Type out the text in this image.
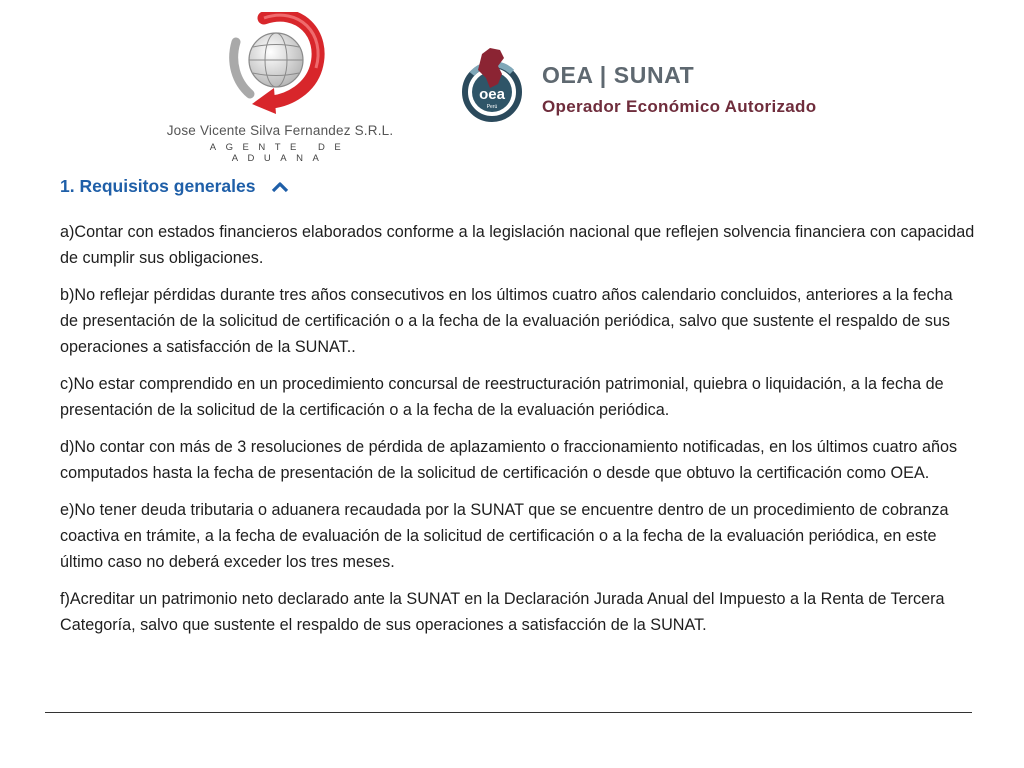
Jose Vicente Silva Fernandez S.R.L.
AGENTE DE ADUANA
oea
Perú
OEA | SUNAT
Operador Económico Autorizado
1. Requisitos generales

a)Contar con estados financieros elaborados conforme a la legislación nacional que reflejen solvencia financiera con capacidad de cumplir sus obligaciones.

b)No reflejar pérdidas durante tres años consecutivos en los últimos cuatro años calendario concluidos, anteriores a la fecha de presentación de la solicitud de certificación o a la fecha de la evaluación periódica, salvo que sustente el respaldo de sus operaciones a satisfacción de la SUNAT..

c)No estar comprendido en un procedimiento concursal de reestructuración patrimonial, quiebra o liquidación, a la fecha de presentación de la solicitud de la certificación o a la fecha de la evaluación periódica.

d)No contar con más de 3 resoluciones de pérdida de aplazamiento o fraccionamiento notificadas, en los últimos cuatro años computados hasta la fecha de presentación de la solicitud de certificación o desde que obtuvo la certificación como OEA.

e)No tener deuda tributaria o aduanera recaudada por la SUNAT que se encuentre dentro de un procedimiento de cobranza coactiva en trámite, a la fecha de evaluación de la solicitud de certificación o a la fecha de la evaluación periódica, en este último caso no deberá exceder los tres meses.

f)Acreditar un patrimonio neto declarado ante la SUNAT en la Declaración Jurada Anual del Impuesto a la Renta de Tercera Categoría, salvo que sustente el respaldo de sus operaciones a satisfacción de la SUNAT.
